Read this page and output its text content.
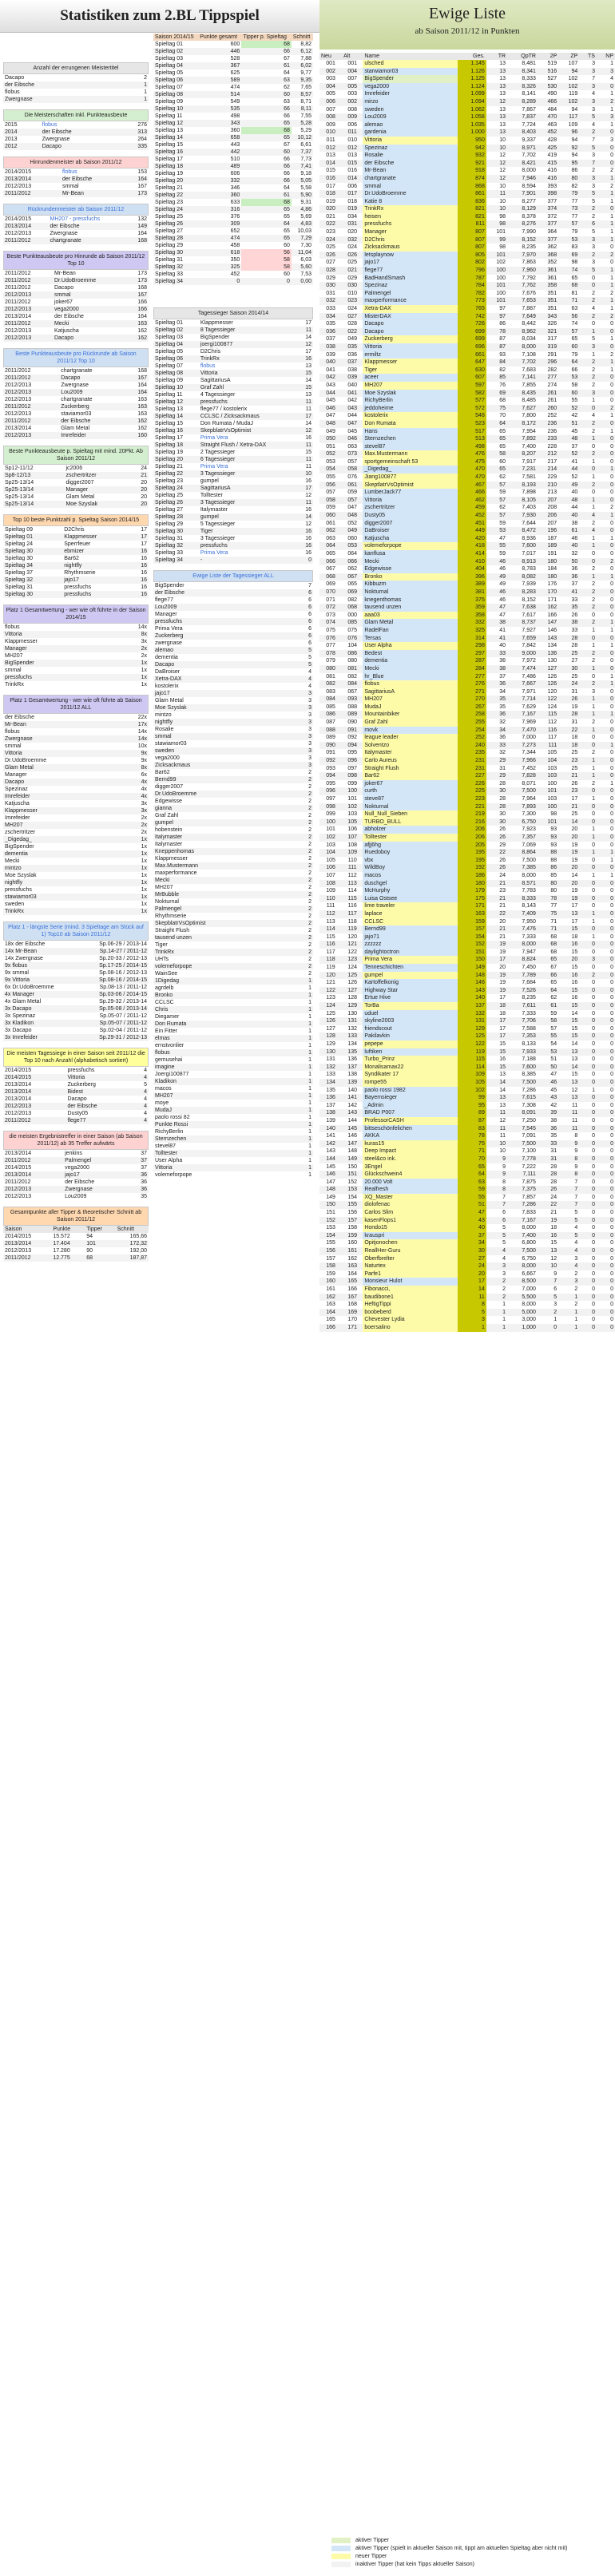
Statistiken zum 2.BL Tippspiel	Ewige Liste
ab Saison 2011/12 in Punkten
Anzahl der errungenen Meistertitel
Dacapo	2
der Eibsche	1
flobus	1
Zwergnase	1
Die Meisterschaften inkl. Punkteausbeute
2015	flobus	276
2014	der Eibsche	313
2013	Zwergnase	264
2012	Dacapo	335
Hinrundenmeister ab Saison 2011/12
2014/2015	flobus	153
2013/2014	der Eibsche	164
2012/2013	smmal	167
2011/2012	Mr-Bean	173
Rückrundenmeister ab Saison 2011/12
2014/2015	MH207 - pressfuchs	132
2013/2014	der Eibsche	149
2012/2013	Zwergnase	164
2011/2012	chartgranate	168
Beste Punkteausbeute pro Hinrunde ab Saison 2011/12 Top 10
2011/2012	Mr-Bean	173
2011/2012	Dr.UdoBroemme	173
2011/2012	Dacapo	168
2012/2013	smmal	167
2011/2012	joker67	166
2012/2013	vega2000	166
2013/2014	der Eibsche	164
2011/2012	Mecki	163
2012/2013	Katjuscha	162
2012/2013	Dacapo	162
Beste Punkteausbeute pro Rückrunde ab Saison 2011/12 Top 10
2011/2012	chartgranate	168
2011/2012	Dacapo	167
2012/2013	Zwergnase	164
2012/2013	Lou2009	164
2012/2013	chartgranate	163
2011/2012	Zuckerberg	163
2012/2013	staviamor03	163
2011/2012	der Eibsche	162
2013/2014	Glam Metal	162
2012/2013	Imrefeider	160
Beste Punkteausbeute p. Spieltag mit mind. 20Pkt. Ab Saison 2011/12
Sp12-11/12	jc2006	24
Sp8-12/13	zschertritzer	21
Sp25-13/14	digger2007	20
Sp25-13/14	Manager	20
Sp25-13/14	Glam Metal	20
Sp25-13/14	Moe Szyslak	20
Top 10 beste Punktzahl p. Spieltag Saison 2014/15
Spieltag 09	D2Chris	17
Spieltag 01	Klappmesser	17
Spieltag 24	Sperrfeuer	17
Spieltag 30	ebmizer	16
Spieltag 30	Bar62	16
Spieltag 34	nightfly	16
Spieltag 37	Rhythmserie	16
Spieltag 32	jajo17	16
Spieltag 31	pressfuchs	16
Spieltag 30	pressfuchs	16
Platz 1 Gesamtwertung - wer wie oft führte in der Saison 2014/15
flobus	14x
Vittoria	8x
Klappmesser	3x
Manager	2x
MH207	2x
BigSpender	1x
smmal	1x
pressfuchs	1x
TrinkRx	1x
Platz 1 Gesamtwertung - wer wie oft führte ab Saison 2011/12 ALL
der Eibsche	22x
Mr-Bean	17x
flobus	14x
Zwergnase	14x
smmal	10x
Vittoria	9x
Dr.UdoBroemme	9x
Glam Metal	8x
Manager	6x
Dacapo	4x
Spezinaz	4x
Imrefeider	4x
Katjuscha	3x
Klappmesser	3x
Imrefeider	2x
MH207	2x
zschertritzer	2x
_Digedag_	1x
BigSpender	1x
dementia	1x
Mecki	1x
mintzo	1x
Moe Szyslak	1x
nightfly	1x
pressfuchs	1x
stawiamor03	1x
sweden	1x
TrinkRx	1x
Platz 1 - längste Serie (mind. 3 Spieltage am Stück auf 1) Top10 ab Saison 2011/12
18x der Eibsche	Sp.06-29 / 2013-14
14x Mr-Bean	Sp.14-27 / 2011-12
14x Zwergnase	Sp.20-33 / 2012-13
9x flobus	Sp.17-25 / 2014-15
9x smmal	Sp.08-16 / 2012-13
9x Vittoria	Sp.08-16 / 2014-15
6x Dr.UdoBroemme	Sp.08-13 / 2011-12
4x Manager	Sp.03-06 / 2014-15
4x Glam Metal	Sp.29-32 / 2013-14
3x Dacapo	Sp.05-08 / 2013-14
3x Spezinaz	Sp.05-07 / 2011-12
3x Kladikon	Sp.05-07 / 2011-12
3x Dacapo	Sp.02-04 / 2011-12
3x Imrefeider	Sp.29-31 / 2012-13
Die meisten Tagessiege in einer Saison seit 2011/12 die Top 10 nach Anzahl (alphabetisch sortiert)
2014/2015	pressfuchs	4
2014/2015	Vittoria	4
2013/2014	Zuckerberg	5
2013/2014	Bidest	4
2013/2014	Dacapo	4
2012/2013	der Eibsche	4
2012/2013	Dusty05	4
2011/2012	flege77	4
die meisten Ergebnistreffer in einer Saison (ab Saison 2011/12) ab 35 Treffer aufwärts
2013/2014	jenkins	37
2011/2012	Palmengel	37
2014/2015	vega2000	37
2013/2014	jajo17	36
2011/2012	der Eibsche	36
2012/2013	Zwergnase	36
2012/2013	Lou2009	35
Gesamtpunkte aller Tipper & theoretischer Schnitt ab Saison 2011/12
Saison	Punkte	Tipper	Schnitt
2014/2015	15.572	94	165,66
2013/2014	17.404	101	172,32
2012/2013	17.280	90	192,00
2011/2012	12.775	68	187,87
Saison 2014/15	Punkte gesamt	Tipper p. Spieltag	Schnitt
Spieltag 01	600	68	8,82
Spieltag 02	446	66	6,12
Spieltag 03	528	67	7,88
Spieltag 04	367	61	6,02
Spieltag 05	625	64	9,77
Spieltag 06	589	63	9,35
Spieltag 07	474	62	7,65
Spieltag 08	514	60	8,57
Spieltag 09	549	63	8,71
Spieltag 10	535	66	8,11
Spieltag 11	498	66	7,55
Spieltag 12	343	65	5,28
Spieltag 13	360	68	5,29
Spieltag 14	658	65	10,12
Spieltag 15	443	67	6,61
Spieltag 16	442	60	7,37
Spieltag 17	510	66	7,73
Spieltag 18	489	66	7,41
Spieltag 19	606	66	9,18
Spieltag 20	332	66	5,05
Spieltag 21	346	64	5,58
Spieltag 22	360	61	5,90
Spieltag 23	633	68	9,31
Spieltag 24	316	65	4,86
Spieltag 25	376	65	5,69
Spieltag 26	309	64	4,83
Spieltag 27	652	65	10,03
Spieltag 28	474	65	7,29
Spieltag 29	458	60	7,30
Spieltag 30	618	56	11,04
Spieltag 31	350	58	6,03
Spieltag 32	325	58	5,60
Spieltag 33	452	60	7,53
Spieltag 34	0	0	0,00
Tagessieger Saison 2014/14
Spieltag 01	Klappmesser	17
Spieltag 02	8 Tagessieger	11
Spieltag 03	BigSpender	14
Spieltag 04	joergi100877	12
Spieltag 05	D2Chris	17
Spieltag 06	TrinkRx	16
Spieltag 07	flobus	13
Spieltag 08	Vittoria	15
Spieltag 09	SagittariusA	14
Spieltag 10	Graf Zahl	15
Spieltag 11	4 Tagessieger	13
Spieltag 12	pressfuchs	11
Spieltag 13	flege77 / kostolerix	11
Spieltag 14	CCLSC / Zicksackmaus	17
Spieltag 15	Don Rumata / MudaJ	14
Spieltag 16	SkepblatrVsOptimist	12
Spieltag 17	Prima Vera	16
Spieltag 18	Straight Flush / Xetra-DAX	11
Spieltag 19	2 Tagessieger	15
Spieltag 20	6 Tagessieger	11
Spieltag 21	Prima Vera	11
Spieltag 22	3 Tagessieger	10
Spieltag 23	gumpel	16
Spieltag 24	SagittariusA	17
Spieltag 25	Tolltester	12
Spieltag 26	3 Tagessieger	11
Spieltag 27	Italymaster	16
Spieltag 28	gumpel	14
Spieltag 29	5 Tagessieger	12
Spieltag 30	Tiger	16
Spieltag 31	3 Tagessieger	16
Spieltag 32	pressfuchs	16
Spieltag 33	Prima Vera	16
Spieltag 34	-	0
Ewige Liste der Tagessieger ALL
BigSpender	7
der Eibsche	6
flege77	6
Lou2009	6
Manager	6
pressfuchs	6
Prima Vera	6
Zuckerberg	6
zwergnase	6
alemao	5
dementia	5
Dacapo	5
DaBroiser	4
Xetra-DAX	4
kostolerix	4
jajo17	3
Glam Metal	3
Moe Szyslak	3
mintzo	3
nightfly	3
Rosalie	3
smmal	3
stawiamor03	3
sweden	3
vega2000	3
Zicksackmaus	3
Bar62	2
Bernd99	2
digger2007	2
Dr.UdoBroemme	2
Edgewisse	2
gianna	2
Graf Zahl	2
gumpel	2
hobenstein	2
Italymaster	2
Italymaster	2
Kneppenhomas	2
Klappmesser	2
Max.Mustermann	2
maxperformance	2
Mecki	2
MH207	2
MrBubble	2
Nokturnal	2
Palmengel	2
Rhythmserie	2
SkepblatrVsOptimist	2
Straight Flush	2
tausend unzen	2
Tiger	2
TrinkRx	2
UHTs	2
volemeforpope	2
WainSee	2
1Digedag	1
agrdelb	1
Bronko	1
CCLSC	1
Chris	1
Diegamer	1
Don Rumata	1
Ein Fitter	1
elmas	1
ernstvonlier	1
flobus	1
gemusehai	1
imagine	1
Joergi100877	1
Kladikon	1
macos	1
MH207	1
moye	1
MudaJ	1
paolo rossi 82	1
Punkte Rossi	1
RichyBerlin	1
Sternzechen	1
stevel87	1
Tolltester	1
User Alpha	1
Vittoria	1
volemeforpope	1
Neu	Alt	Name	Ges.	TR	QpTR	2P	ZP	TS	NP
001	001	ulsched	1.145	13	8,481	519	107	3	1
002	004	starwiamor03	1.126	13	8,341	516	94	3	3
003	007	BigSpender	1.125	13	8,333	527	102	7	4
004	005	vega2000	1.124	13	8,326	530	102	3	0
005	003	Imrefeider	1.099	13	8,141	490	119	4	1
006	002	mirzo	1.094	12	8,289	466	102	3	2
007	008	sweden	1.062	13	7,867	484	94	3	1
008	009	Lou2009	1.058	13	7,837	470	117	5	3
009	006	alemao	1.035	13	7,724	463	109	4	1
010	011	gardenia	1.000	13	8,403	452	96	2	0
011	010	Vittoria	950	10	9,337	428	94	7	3
012	012	Spezinaz	942	10	8,971	425	92	5	0
013	013	Rosalie	932	12	7,702	419	94	3	0
014	015	der Eibsche	921	12	8,421	415	95	7	0
015	016	Mr-Bean	918	12	8,000	416	86	2	2
016	014	chartgranate	874	12	7,946	416	80	3	1
017	006	smmal	868	10	8,594	393	82	3	2
018	017	Dr.UdoBroemme	861	11	7,901	398	79	5	1
019	018	Katie 8	836	10	8,277	377	77	5	1
020	019	TrinkRx	821	10	8,129	374	73	2	0
021	034	heisen	821	98	8,378	372	77	2	1
022	031	pressfuchs	811	98	8,276	377	57	6	1
023	020	Manager	807	101	7,990	364	79	5	1
024	032	D2Chris	807	99	8,152	377	53	3	1
025	024	Zicksackmaus	807	98	8,235	362	83	3	0
026	026	letsplaynow	805	101	7,970	368	69	2	2
027	025	jajo17	802	102	7,863	352	98	3	0
028	021	flege77	796	100	7,960	361	74	5	1
029	029	BadHandSmash	787	100	7,792	361	65	0	1
030	030	Spezinaz	784	101	7,762	358	68	0	1
031	010	Palmengel	782	100	7,676	351	81	2	2
032	023	maxperformance	773	101	7,653	351	71	2	1
033	024	Xetra-DAX	765	97	7,887	351	63	4	1
034	027	MisterDAX	742	97	7,649	343	56	2	2
035	028	Dacapo	726	86	8,442	326	74	0	0
036	022	Dacapo	699	78	8,962	321	57	1	0
037	049	Zuckerberg	699	87	8,034	317	65	5	1
038	035	Vittoria	696	87	8,000	319	60	3	0
039	036	ermiltz	661	93	7,108	291	79	1	2
040	037	Klappmesser	647	84	7,702	296	64	2	1
041	038	Tiger	630	82	7,683	282	66	2	1
042	039	aceer	607	85	7,141	277	53	2	0
043	040	MH207	597	76	7,855	274	58	2	0
044	041	Moe Szyslak	582	69	8,435	261	60	3	0
045	042	RichyBerlin	577	68	8,485	261	55	1	0
046	043	jeddoheime	572	75	7,627	260	52	0	2
047	044	kostolerix	546	70	7,800	252	42	4	1
048	047	Don Rumata	523	64	8,172	236	51	2	0
049	045	Hans	517	65	7,954	236	45	2	1
050	046	Sternzechen	513	65	7,892	233	48	1	0
051	063	stevel87	498	65	7,400	228	37	0	0
052	073	Max.Mustermann	476	58	8,207	212	52	2	0
053	057	sportgemeinschaft 53	475	60	7,917	217	41	1	0
054	058	_Digedag_	470	65	7,231	214	44	0	1
055	076	Jiang100877	470	62	7,581	229	52	1	0
056	061	SkeptlatrVsOptimist	467	57	8,193	210	49	2	0
057	059	LumberJack77	466	59	7,898	213	40	0	0
058	057	Vittoria	462	57	8,105	207	48	1	0
059	047	zschertritzer	459	62	7,403	208	44	1	2
060	048	Dusty05	452	57	7,930	206	40	4	1
061	052	digger2007	451	59	7,644	207	38	2	0
062	049	DaBroiser	449	53	8,472	196	61	4	0
063	060	Katjuscha	420	47	8,936	187	46	1	1
064	053	volemeforpope	418	55	7,600	189	40	1	0
065	064	kanflusa	414	59	7,017	191	32	0	0
066	066	Mecki	410	46	8,913	180	50	0	2
067	062	Edgewisse	404	46	8,783	184	36	2	0
068	067	Bronko	396	49	8,082	180	36	1	1
069	065	Kibbuzm	389	49	7,939	176	37	2	0
070	069	Nokturnal	381	46	8,283	170	41	2	0
071	082	knegenthomas	375	46	8,152	171	33	2	0
072	068	tausend unzen	359	47	7,638	162	35	2	0
073	000	aaa03	358	47	7,617	166	26	0	0
074	085	Glam Metal	332	38	8,737	147	38	2	1
075	075	RadelFan	325	41	7,927	146	33	1	1
076	076	Tersas	314	41	7,659	143	28	0	0
077	104	User Alpha	298	40	7,842	134	28	1	1
078	086	Bedest	297	33	9,000	136	25	2	0
079	080	dementia	287	36	7,972	130	27	2	0
080	081	Mecki	284	38	7,474	127	30	1	0
081	082	hr_Blue	277	37	7,486	126	25	0	1
082	084	flobus	276	36	7,667	126	24	2	1
083	067	SagittariusA	271	34	7,971	120	31	3	0
084	093	MH207	270	35	7,714	122	26	1	0
085	088	MudaJ	267	35	7,629	124	19	1	0
086	089	Mountainbiker	258	36	7,167	115	28	1	1
087	090	Graf Zahl	255	32	7,969	112	31	2	0
088	091	movk	254	34	7,470	116	22	1	0
089	092	league leader	252	36	7,000	117	18	0	0
090	094	Solventzo	240	33	7,273	111	18	0	1
091	095	Italymaster	235	32	7,344	105	25	2	0
092	096	Carlo Aureus	231	29	7,966	104	23	1	0
093	097	Straight Flush	231	31	7,452	103	25	1	0
094	098	Bar62	227	29	7,828	103	21	1	0
095	099	joker67	226	28	8,071	100	26	2	1
096	100	curth	225	30	7,500	101	23	0	0
097	101	steve87	223	28	7,964	103	17	1	0
098	102	Nokturnal	221	28	7,893	100	21	0	0
099	103	Null_Null_Sieben	219	30	7,300	98	25	0	0
100	105	TURBO_BULL	216	30	6,750	101	14	0	0
101	106	abholzer	206	26	7,923	93	20	1	0
102	107	Tolltester	206	26	7,357	93	20	1	0
103	108	afjj6hg	205	29	7,069	93	19	0	0
104	109	Ruedoboy	195	22	8,864	88	19	1	1
105	110	vbx	195	26	7,500	88	19	0	1
106	111	WildBoy	192	26	7,385	86	20	0	0
107	112	macos	186	24	8,000	85	14	1	1
108	113	duschgel	180	21	8,571	80	20	0	0
109	114	McHurphy	179	23	7,783	80	19	0	0
110	115	Luisa Ostsee	175	21	8,333	78	19	0	0
111	116	lime traveler	171	21	8,143	77	17	0	0
112	117	laplace	163	22	7,409	75	13	1	0
113	118	CCLSC	159	20	7,950	71	17	1	0
114	119	Bernd99	157	21	7,476	71	15	0	0
115	120	jajo71	154	21	7,333	68	18	1	0
116	121	zzzzzz	152	19	8,000	68	16	0	0
117	122	daylightoctron	151	19	7,947	68	15	0	0
118	123	Prima Vera	150	17	8,824	65	20	3	0
119	124	Tenneschichten	149	20	7,450	67	15	0	0
120	125	gumpel	148	19	7,789	66	16	2	0
121	126	Kartoffelkonig	146	19	7,684	65	16	0	0
122	127	Highway Star	143	19	7,526	64	15	0	0
123	128	Ertue Hive	140	17	8,235	62	16	0	0
124	129	TorBa	137	18	7,611	61	15	0	0
125	130	uduel	132	18	7,333	59	14	0	0
126	131	skyline2003	131	17	7,706	58	15	0	0
127	132	friendscout	129	17	7,588	57	15	0	0
128	133	Pakilavkin	125	17	7,353	55	15	0	0
129	134	pepepe	122	15	8,133	54	14	0	0
130	135	luftiken	119	15	7,933	53	13	0	0
131	136	Turbo_Prinz	115	16	7,188	51	13	0	0
132	137	Monalisamax22	114	15	7,600	50	14	0	0
133	138	Syndikater 17	109	13	8,385	47	15	0	0
134	139	rompe55	105	14	7,500	46	13	0	0
135	140	paolo rossi 1982	102	14	7,286	45	12	1	0
136	141	Bayemsieger	99	13	7,615	43	13	0	0
137	142	_Admin	95	13	7,308	42	11	0	0
138	143	BRAD P007	89	11	8,091	39	11	0	0
139	144	ProfessorCASH	87	12	7,250	38	11	0	0
140	145	bittseschönfelichen	83	11	7,545	36	11	0	0
141	146	AKKA	78	11	7,091	35	8	0	0
142	147	kuras15	75	10	7,500	33	9	0	0
143	148	Deep Impact	71	10	7,100	31	9	0	0
144	149	steel&co ink.	70	9	7,778	31	8	0	0
145	150	3Engel	65	9	7,222	28	9	0	0
146	151	Glückschwein4	64	9	7,111	28	8	0	0
147	152	20.000 Volt	63	8	7,875	28	7	0	0
148	153	Realfresh	59	8	7,375	26	7	0	0
149	154	XQ_Master	55	7	7,857	24	7	0	0
150	155	diolofenac	51	7	7,286	22	7	0	0
151	156	Carlos Slim	47	6	7,833	21	5	0	0
152	157	kasenFlops1	43	6	7,167	19	5	0	0
153	158	Hondo15	40	5	8,000	18	4	0	0
154	159	krauspri	37	5	7,400	16	5	0	0
155	160	Opitjonochen	34	5	6,800	15	4	0	0
156	161	ReallHer-Guru	30	4	7,500	13	4	0	0
157	162	Oberfbrelter	27	4	6,750	12	3	0	0
158	163	Naturtex	24	3	8,000	10	4	0	0
159	164	Parfe1	20	3	6,667	9	2	0	0
160	165	Monsieur Hulot	17	2	8,500	7	3	0	0
161	166	Fibonacci,	14	2	7,000	6	2	0	0
162	167	baudibone1	11	2	5,500	5	1	0	0
163	168	HeftigTippi	8	1	8,000	3	2	0	0
164	169	boobeberd	5	1	5,000	2	1	0	0
165	170	Chevester Lydia	3	1	3,000	1	1	0	0
166	171	boersalino	1	1	1,000	0	1	0	0
aktiver Tipper
aktiver Tipper (spielt in aktueller Saison mit, tippt am aktuellen Spieltag aber nicht mit)
neuer Tipper
inaktiver Tipper (hat kein Tipps aktueller Saison)
